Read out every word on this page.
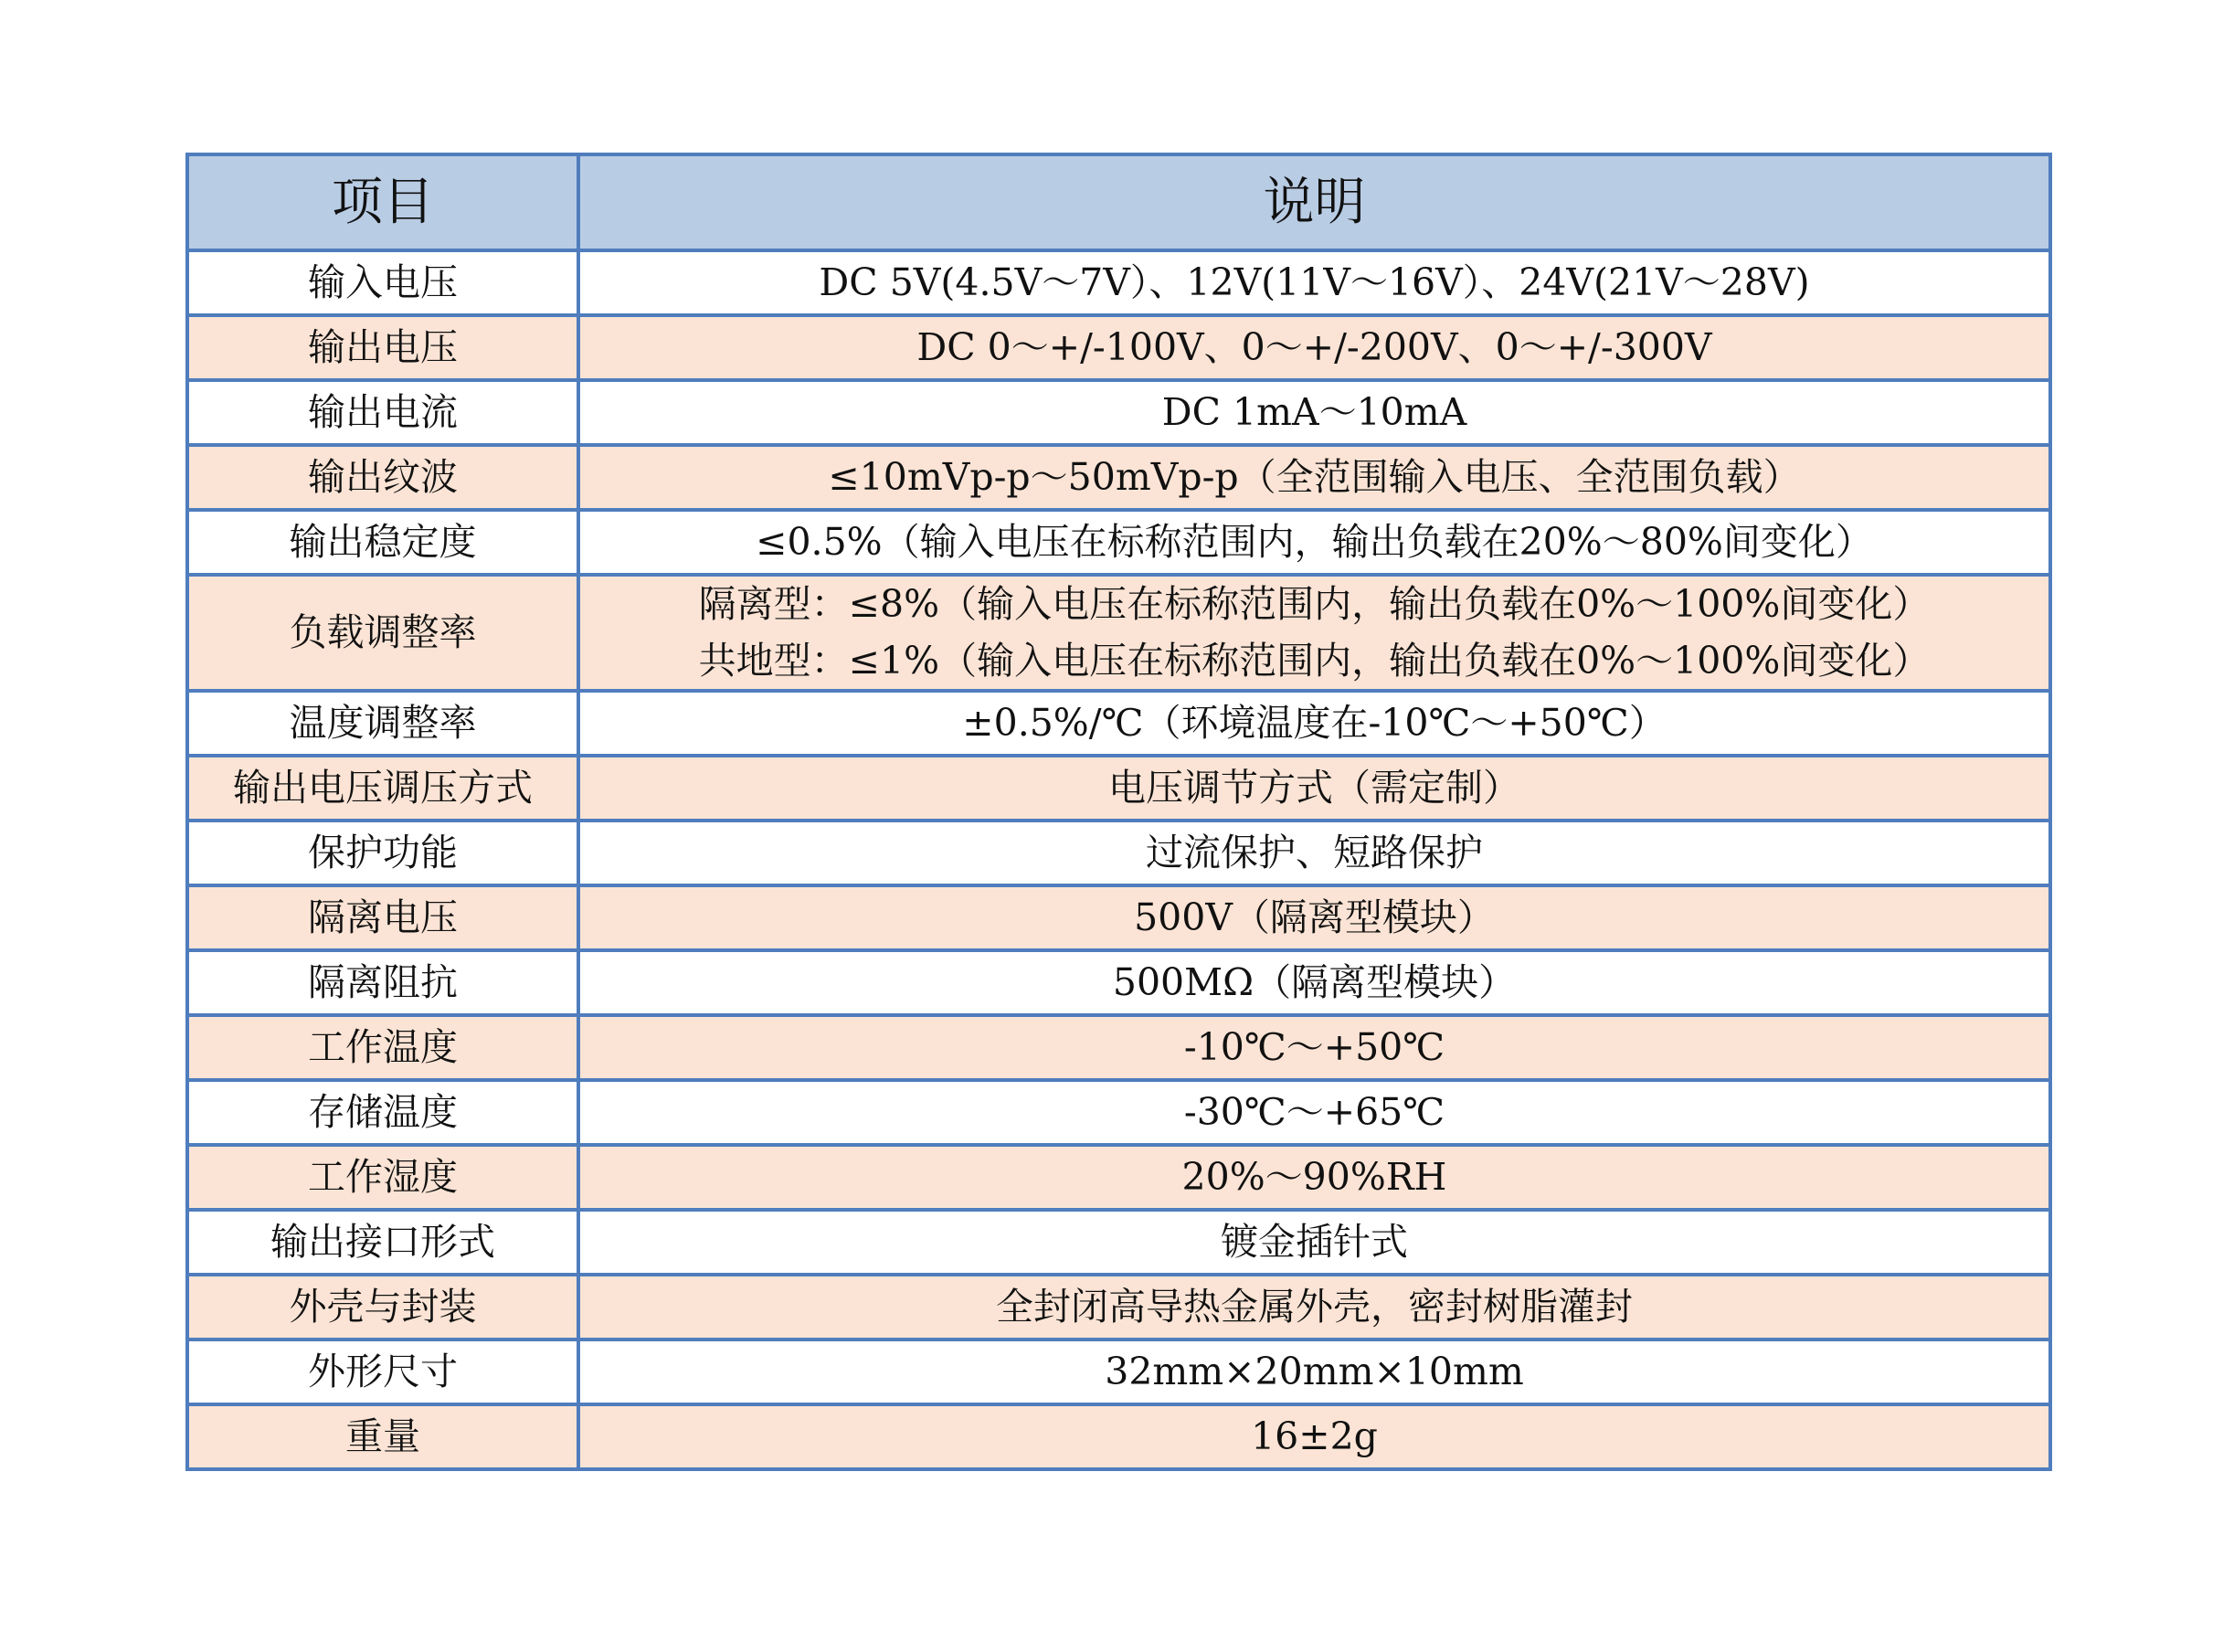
项目	说明
输入电压	DC 5V(4.5V～7V）、12V(11V～16V）、24V(21V～28V)
输出电压	DC 0～+/-100V、0～+/-200V、0～+/-300V
输出电流	DC 1mA～10mA
输出纹波	≤10mVp-p～50mVp-p（全范围输入电压、全范围负载）
输出稳定度	≤0.5%（输入电压在标称范围内，输出负载在20%～80%间变化）
负载调整率	隔离型：≤8%（输入电压在标称范围内，输出负载在0%～100%间变化）
共地型：≤1%（输入电压在标称范围内，输出负载在0%～100%间变化）

温度调整率	±0.5%/℃（环境温度在-10℃～+50℃）
输出电压调压方式	电压调节方式（需定制）
保护功能	过流保护、短路保护
隔离电压	500V（隔离型模块）
隔离阻抗	500MΩ（隔离型模块）
工作温度	-10℃～+50℃
存储温度	-30℃～+65℃
工作湿度	20%～90%RH
输出接口形式	镀金插针式
外壳与封装	全封闭高导热金属外壳，密封树脂灌封
外形尺寸	32mm×20mm×10mm
重量	16±2g
